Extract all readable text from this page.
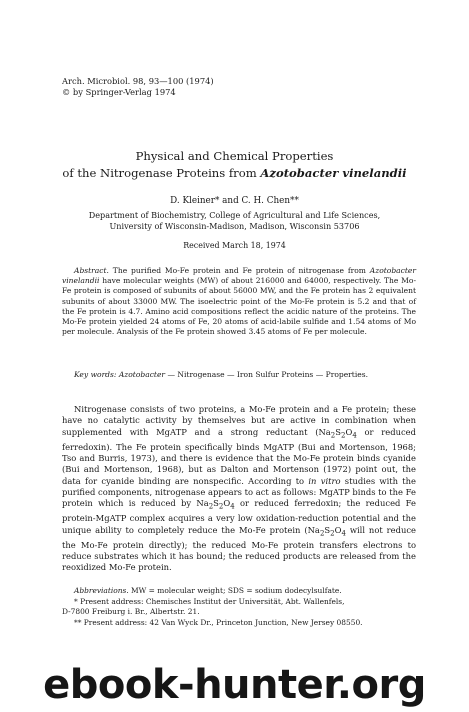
Arch. Microbiol. 98, 93—100 (1974)
© by Springer-Verlag 1974
Physical and Chemical Properties
of the Nitrogenase Proteins from Azotobacter vinelandii
D. Kleiner* and C. H. Chen**
Department of Biochemistry, College of Agricultural and Life Sciences,
University of Wisconsin-Madison, Madison, Wisconsin 53706
Received March 18, 1974
Abstract. The purified Mo-Fe protein and Fe protein of nitrogenase from Azotobacter vinelandii have molecular weights (MW) of about 216000 and 64000, respectively. The Mo-Fe protein is composed of subunits of about 56000 MW, and the Fe protein has 2 equivalent subunits of about 33000 MW. The isoelectric point of the Mo-Fe protein is 5.2 and that of the Fe protein is 4.7. Amino acid compositions reflect the acidic nature of the proteins. The Mo-Fe protein yielded 24 atoms of Fe, 20 atoms of acid-labile sulfide and 1.54 atoms of Mo per molecule. Analysis of the Fe protein showed 3.45 atoms of Fe per molecule.
Key words: Azotobacter — Nitrogenase — Iron Sulfur Proteins — Properties.
Nitrogenase consists of two proteins, a Mo-Fe protein and a Fe protein; these have no catalytic activity by themselves but are active in combination when supplemented with MgATP and a strong reductant ($Na_2S_2O_4$ or reduced ferredoxin). The Fe protein specifically binds MgATP (Bui and Mortenson, 1968; Tso and Burris, 1973), and there is evidence that the Mo-Fe protein binds cyanide (Bui and Mortenson, 1968), but as Dalton and Mortenson (1972) point out, the data for cyanide binding are nonspecific. According to in vitro studies with the purified components, nitrogenase appears to act as follows: MgATP binds to the Fe protein which is reduced by $Na_2S_2O_4$ or reduced ferredoxin; the reduced Fe protein-MgATP complex acquires a very low oxidation-reduction potential and the unique ability to completely reduce the Mo-Fe protein ($Na_2S_2O_4$ will not reduce the Mo-Fe protein directly); the reduced Mo-Fe protein transfers electrons to reduce substrates which it has bound; the reduced products are released from the reoxidized Mo-Fe protein.
Abbreviations. MW = molecular weight; SDS = sodium dodecylsulfate.
* Present address: Chemisches Institut der Universität, Abt. Wallenfels,
D-7800 Freiburg i. Br., Albertstr. 21.
** Present address: 42 Van Wyck Dr., Princeton Junction, New Jersey 08550.
ebook-hunter.org
